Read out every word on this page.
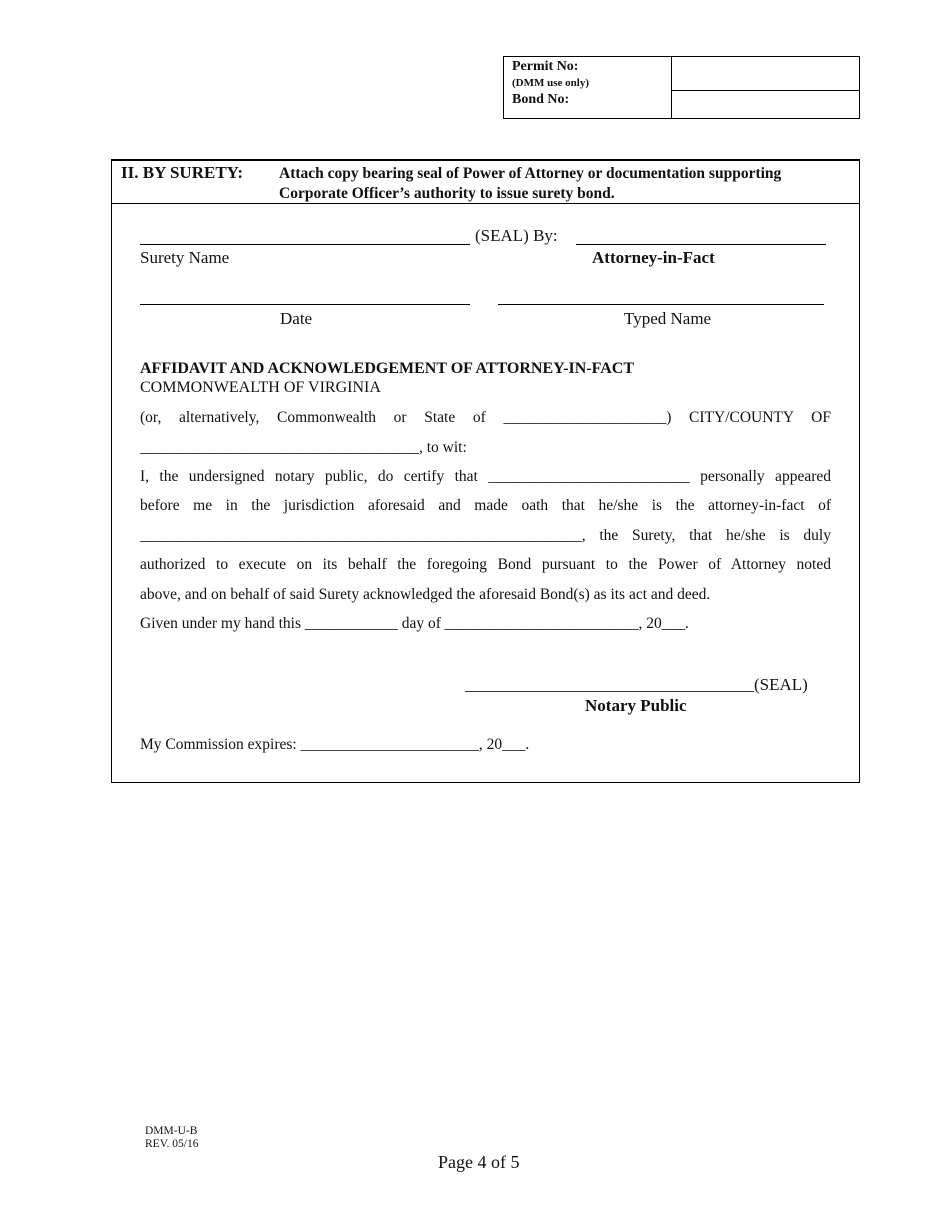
Permit No:
(DMM use only)
Bond No:
II. BY SURETY: Attach copy bearing seal of Power of Attorney or documentation supporting
Corporate Officer’s authority to issue surety bond.
(SEAL) By:
Surety Name	Attorney-in-Fact
Date	Typed Name
AFFIDAVIT AND ACKNOWLEDGEMENT OF ATTORNEY-IN-FACT
COMMONWEALTH OF VIRGINIA
(or, alternatively, Commonwealth or State of _____________________) CITY/COUNTY OF
____________________________________, to wit:
I, the undersigned notary public, do certify that __________________________ personally appeared
before me in the jurisdiction aforesaid and made oath that he/she is the attorney-in-fact of
_________________________________________________________, the Surety, that he/she is duly
authorized to execute on its behalf the foregoing Bond pursuant to the Power of Attorney noted
above, and on behalf of said Surety acknowledged the aforesaid Bond(s) as its act and deed.
Given under my hand this ____________ day of _________________________, 20___.
__________________________________(SEAL)
Notary Public
My Commission expires: _______________________, 20___.
DMM-U-B
REV. 05/16
Page 4 of 5
